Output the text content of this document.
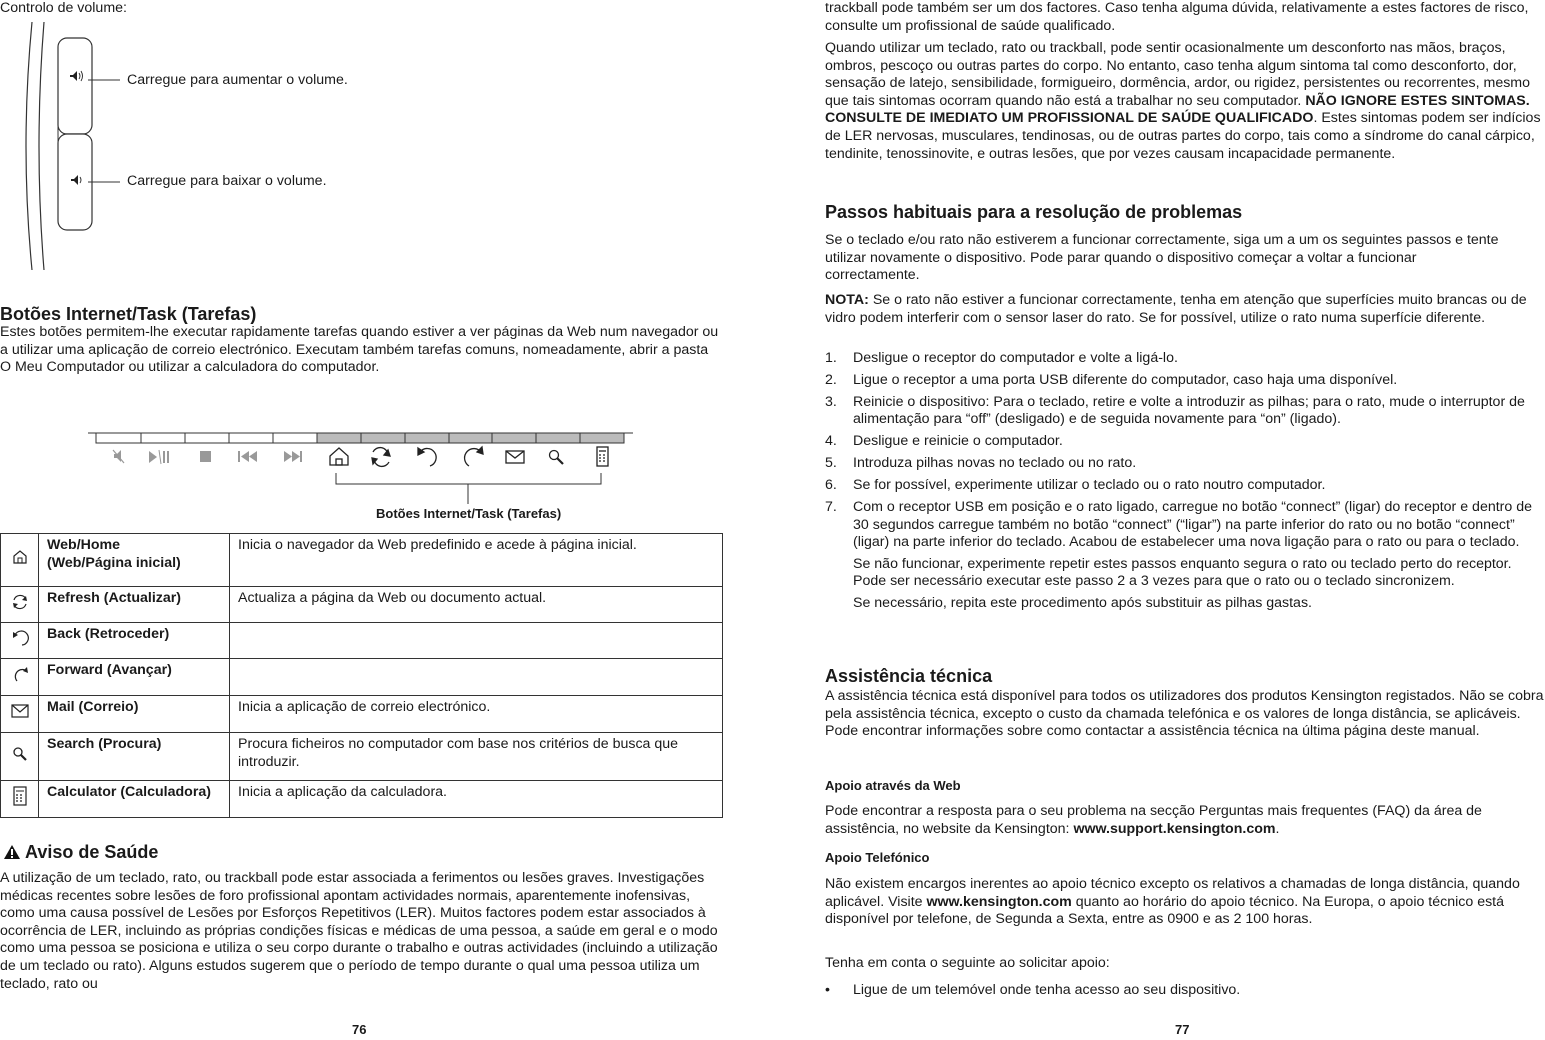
Controlo de volume:

Carregue para aumentar o volume.

Carregue para baixar o volume.

Botões Internet/Task (Tarefas)

Estes botões permitem-lhe executar rapidamente tarefas quando estiver a ver páginas da Web num navegador ou a utilizar uma aplicação de correio electrónico. Executam também tarefas comuns, nomeadamente, abrir a pasta O Meu Computador ou utilizar a calculadora do computador.

Botões Internet/Task (Tarefas)

	Web/Home
(Web/Página inicial)	Inicia o navegador da Web predefinido e acede à página inicial.
	Refresh (Actualizar)	Actualiza a página da Web ou documento actual.
	Back (Retroceder)	
	Forward (Avançar)	
	Mail (Correio)	Inicia a aplicação de correio electrónico.
	Search (Procura)	Procura ficheiros no computador com base nos critérios de busca que introduzir.
	Calculator (Calculadora)	Inicia a aplicação da calculadora.

Aviso de Saúde

A utilização de um teclado, rato, ou trackball pode estar associada a ferimentos ou lesões graves. Investigações médicas recentes sobre lesões de foro profissional apontam actividades normais, aparentemente inofensivas, como uma causa possível de Lesões por Esforços Repetitivos (LER). Muitos factores podem estar associados à ocorrência de LER, incluindo as próprias condições físicas e médicas de uma pessoa, a saúde em geral e o modo como uma pessoa se posiciona e utiliza o seu corpo durante o trabalho e outras actividades (incluindo a utilização de um teclado ou rato). Alguns estudos sugerem que o período de tempo durante o qual uma pessoa utiliza um teclado, rato ou

76

trackball pode também ser um dos factores. Caso tenha alguma dúvida, relativamente a estes factores de risco, consulte um profissional de saúde qualificado.

Quando utilizar um teclado, rato ou trackball, pode sentir ocasionalmente um desconforto nas mãos, braços, ombros, pescoço ou outras partes do corpo. No entanto, caso tenha algum sintoma tal como desconforto, dor, sensação de latejo, sensibilidade, formigueiro, dormência, ardor, ou rigidez, persistentes ou recorrentes, mesmo que tais sintomas ocorram quando não está a trabalhar no seu computador. NÃO IGNORE ESTES SINTOMAS. CONSULTE DE IMEDIATO UM PROFISSIONAL DE SAÚDE QUALIFICADO. Estes sintomas podem ser indícios de LER nervosas, musculares, tendinosas, ou de outras partes do corpo, tais como a síndrome do canal cárpico, tendinite, tenossinovite, e outras lesões, que por vezes causam incapacidade permanente.

Passos habituais para a resolução de problemas

Se o teclado e/ou rato não estiverem a funcionar correctamente, siga um a um os seguintes passos e tente utilizar novamente o dispositivo. Pode parar quando o dispositivo começar a voltar a funcionar correctamente.

NOTA: Se o rato não estiver a funcionar correctamente, tenha em atenção que superfícies muito brancas ou de vidro podem interferir com o sensor laser do rato. Se for possível, utilize o rato numa superfície diferente.

1. Desligue o receptor do computador e volte a ligá-lo.
2. Ligue o receptor a uma porta USB diferente do computador, caso haja uma disponível.
3. Reinicie o dispositivo: Para o teclado, retire e volte a introduzir as pilhas; para o rato, mude o interruptor de alimentação para “off” (desligado) e de seguida novamente para “on” (ligado).
4. Desligue e reinicie o computador.
5. Introduza pilhas novas no teclado ou no rato.
6. Se for possível, experimente utilizar o teclado ou o rato noutro computador.
7. Com o receptor USB em posição e o rato ligado, carregue no botão “connect” (ligar) do receptor e dentro de 30 segundos carregue também no botão “connect” (“ligar”) na parte inferior do rato ou no botão “connect” (ligar) na parte inferior do teclado. Acabou de estabelecer uma nova ligação para o rato ou para o teclado.

Se não funcionar, experimente repetir estes passos enquanto segura o rato ou teclado perto do receptor. Pode ser necessário executar este passo 2 a 3 vezes para que o rato ou o teclado sincronizem.

Se necessário, repita este procedimento após substituir as pilhas gastas.

Assistência técnica

A assistência técnica está disponível para todos os utilizadores dos produtos Kensington registados. Não se cobra pela assistência técnica, excepto o custo da chamada telefónica e os valores de longa distância, se aplicáveis. Pode encontrar informações sobre como contactar a assistência técnica na última página deste manual.

Apoio através da Web

Pode encontrar a resposta para o seu problema na secção Perguntas mais frequentes (FAQ) da área de assistência, no website da Kensington: www.support.kensington.com.

Apoio Telefónico

Não existem encargos inerentes ao apoio técnico excepto os relativos a chamadas de longa distância, quando aplicável. Visite www.kensington.com quanto ao horário do apoio técnico. Na Europa, o apoio técnico está disponível por telefone, de Segunda a Sexta, entre as 0900 e as 2 100 horas.

Tenha em conta o seguinte ao solicitar apoio:

• Ligue de um telemóvel onde tenha acesso ao seu dispositivo.

77
